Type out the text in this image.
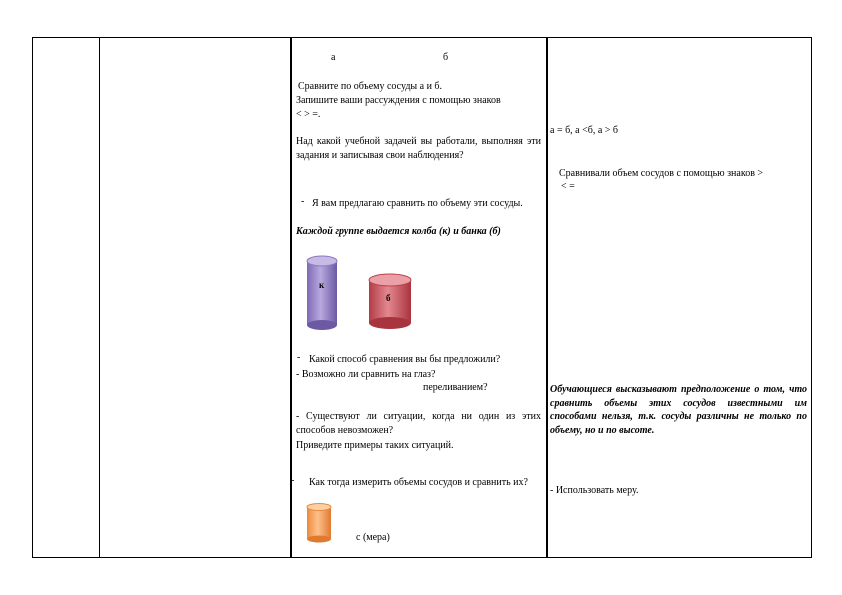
а	б
Сравните по объему сосуды а и б.
Запишите ваши рассуждения с помощью знаков
< > =.
Над какой учебной задачей вы работали, выполняя эти задания и записывая свои наблюдения?
- Я вам предлагаю сравнить по объему эти сосуды.
Каждой группе выдается колба (к) и банка (б)
к
б
- Какой способ сравнения вы бы предложили?
- Возможно ли сравнить на глаз?
переливанием?
- Существуют ли ситуации, когда ни один из этих способов невозможен?
Приведите примеры таких ситуаций.
-	Как тогда измерить объемы сосудов и сравнить их?
с (мера)
а = б, а <б, а > б
Сравнивали объем сосудов с помощью знаков >
< =
Обучающиеся высказывают предположение о том, что сравнить объемы этих сосудов известными им способами нельзя, т.к. сосуды различны не только по объему, но и по высоте.
- Использовать меру.
